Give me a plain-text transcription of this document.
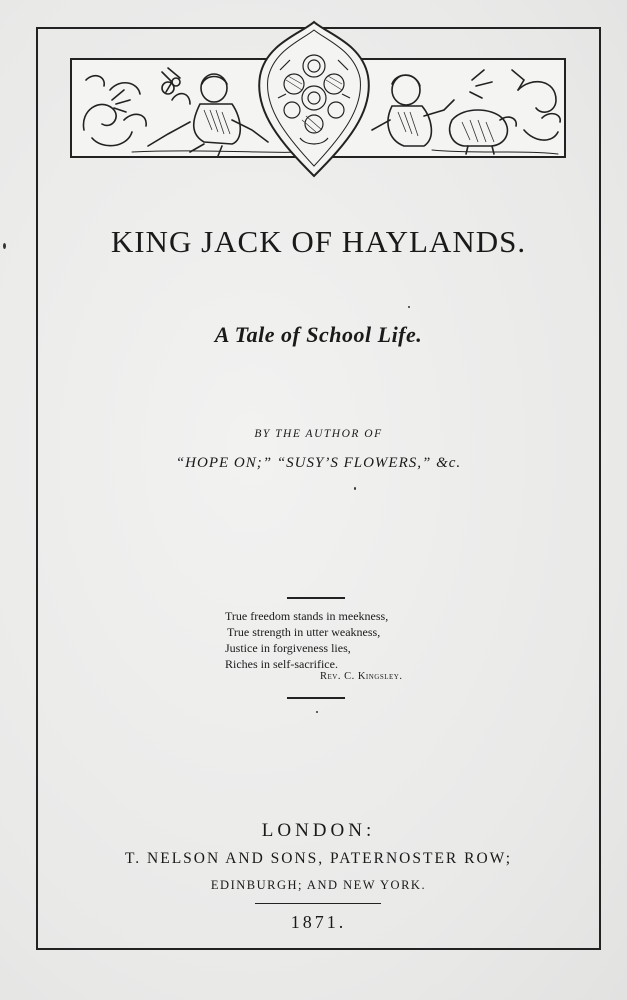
KING JACK OF HAYLANDS.
A Tale of School Life.
BY THE AUTHOR OF
“HOPE ON;” “SUSY’S FLOWERS,” &c.
True freedom stands in meekness,
True strength in utter weakness,
Justice in forgiveness lies,
Riches in self-sacrifice.
Rev. C. Kingsley.
LONDON:
T. NELSON AND SONS, PATERNOSTER ROW;
EDINBURGH; AND NEW YORK.
1871.
